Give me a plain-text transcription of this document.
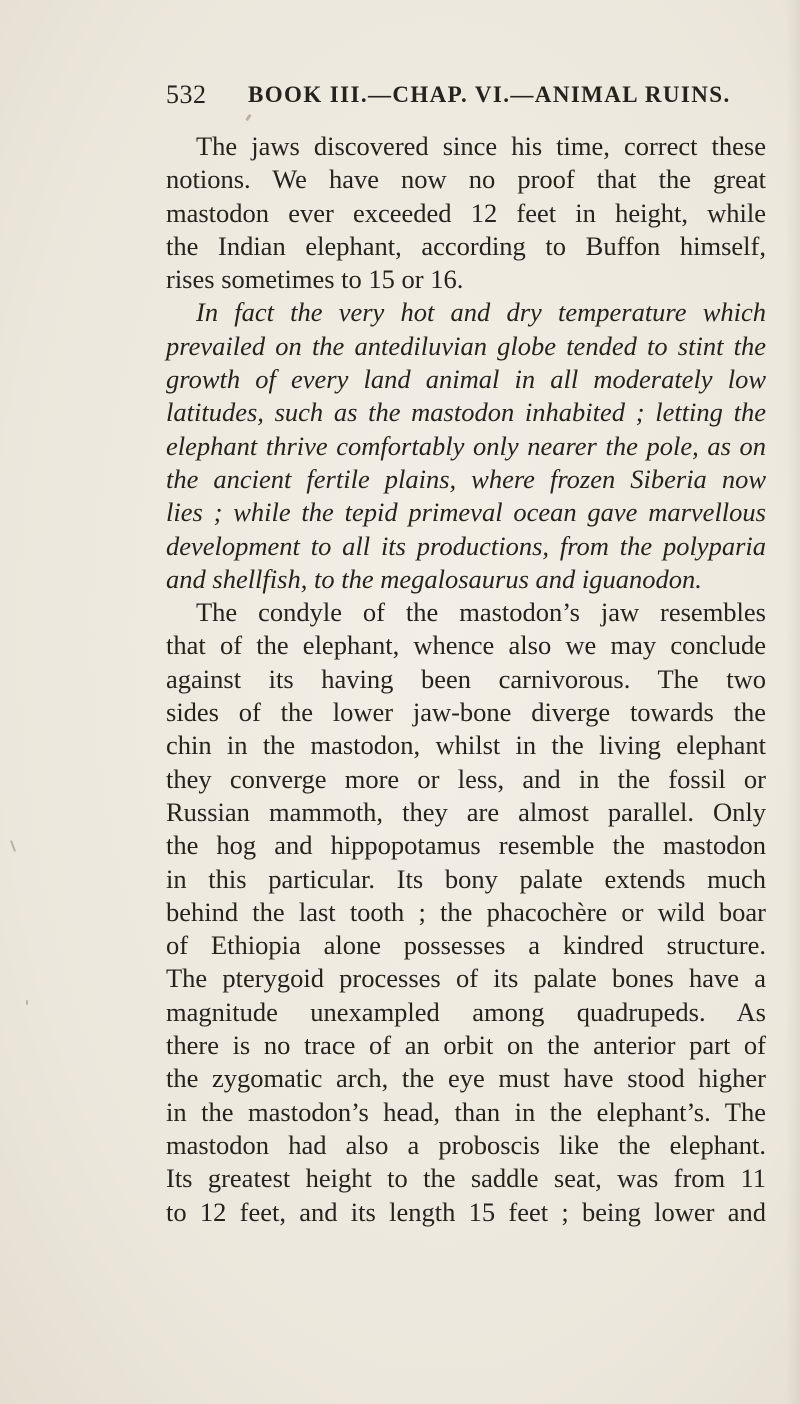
532 BOOK III.—CHAP. VI.—ANIMAL RUINS.
The jaws discovered since his time, correct these
notions. We have now no proof that the great
mastodon ever exceeded 12 feet in height, while
the Indian elephant, according to Buffon himself,
rises sometimes to 15 or 16.
In fact the very hot and dry temperature which
prevailed on the antediluvian globe tended to stint the
growth of every land animal in all moderately low
latitudes, such as the mastodon inhabited ; letting the
elephant thrive comfortably only nearer the pole, as on
the ancient fertile plains, where frozen Siberia now
lies ; while the tepid primeval ocean gave marvellous
development to all its productions, from the polyparia
and shellfish, to the megalosaurus and iguanodon.
The condyle of the mastodon’s jaw resembles
that of the elephant, whence also we may conclude
against its having been carnivorous. The two
sides of the lower jaw-bone diverge towards the
chin in the mastodon, whilst in the living elephant
they converge more or less, and in the fossil or
Russian mammoth, they are almost parallel. Only
the hog and hippopotamus resemble the mastodon
in this particular. Its bony palate extends much
behind the last tooth ; the phacochère or wild boar
of Ethiopia alone possesses a kindred structure.
The pterygoid processes of its palate bones have a
magnitude unexampled among quadrupeds. As
there is no trace of an orbit on the anterior part of
the zygomatic arch, the eye must have stood higher
in the mastodon’s head, than in the elephant’s. The
mastodon had also a proboscis like the elephant.
Its greatest height to the saddle seat, was from 11
to 12 feet, and its length 15 feet ; being lower and
